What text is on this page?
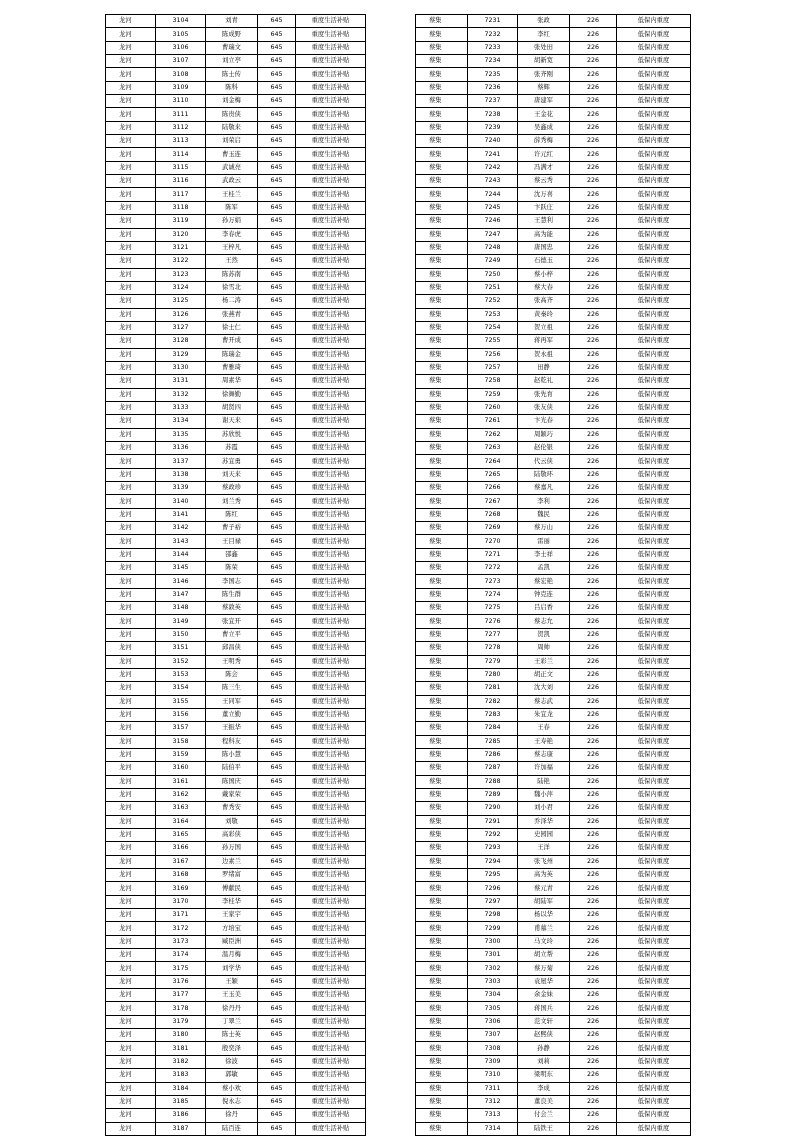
龙河	3104	刘青	645	重度生活补贴
龙河	3105	陈成野	645	重度生活补贴
龙河	3106	曹瑞文	645	重度生活补贴
龙河	3107	刘立亭	645	重度生活补贴
龙河	3108	陈士传	645	重度生活补贴
龙河	3109	陈科	645	重度生活补贴
龙河	3110	刘金梅	645	重度生活补贴
龙河	3111	陈贵侠	645	重度生活补贴
龙河	3112	陆敬来	645	重度生活补贴
龙河	3113	刘荣启	645	重度生活补贴
龙河	3114	曹玉连	645	重度生活补贴
龙河	3115	武诚亮	645	重度生活补贴
龙河	3116	武政云	645	重度生活补贴
龙河	3117	王桂兰	645	重度生活补贴
龙河	3118	陈军	645	重度生活补贴
龙河	3119	孙万娟	645	重度生活补贴
龙河	3120	李春虎	645	重度生活补贴
龙河	3121	王梓凡	645	重度生活补贴
龙河	3122	王然	645	重度生活补贴
龙河	3123	陈苏南	645	重度生活补贴
龙河	3124	徐雪北	645	重度生活补贴
龙河	3125	杨二涛	645	重度生活补贴
龙河	3126	张燕青	645	重度生活补贴
龙河	3127	徐士仁	645	重度生活补贴
龙河	3128	曹开成	645	重度生活补贴
龙河	3129	陈瑞金	645	重度生活补贴
龙河	3130	曹雅琦	645	重度生活补贴
龙河	3131	周素华	645	重度生活补贴
龙河	3132	徐舞勤	645	重度生活补贴
龙河	3133	胡贤四	645	重度生活补贴
龙河	3134	谢天来	645	重度生活补贴
龙河	3135	苏欣悦	645	重度生活补贴
龙河	3136	苏霞	645	重度生活补贴
龙河	3137	苏宜勇	645	重度生活补贴
龙河	3138	刘天来	645	重度生活补贴
龙河	3139	蔡政珍	645	重度生活补贴
龙河	3140	刘兰秀	645	重度生活补贴
龙河	3141	陈红	645	重度生活补贴
龙河	3142	曹子裕	645	重度生活补贴
龙河	3143	王目禄	645	重度生活补贴
龙河	3144	邵鑫	645	重度生活补贴
龙河	3145	陈荣	645	重度生活补贴
龙河	3146	李国志	645	重度生活补贴
龙河	3147	陈生群	645	重度生活补贴
龙河	3148	蔡敦英	645	重度生活补贴
龙河	3149	张宜开	645	重度生活补贴
龙河	3150	曹立平	645	重度生活补贴
龙河	3151	邱昌侠	645	重度生活补贴
龙河	3152	王明秀	645	重度生活补贴
龙河	3153	陈会	645	重度生活补贴
龙河	3154	陈三生	645	重度生活补贴
龙河	3155	王同军	645	重度生活补贴
龙河	3156	董立勤	645	重度生活补贴
龙河	3157	王振华	645	重度生活补贴
龙河	3158	程科友	645	重度生活补贴
龙河	3159	陈小慧	645	重度生活补贴
龙河	3160	陆伯平	645	重度生活补贴
龙河	3161	陈国庆	645	重度生活补贴
龙河	3162	戴家荣	645	重度生活补贴
龙河	3163	曹秀安	645	重度生活补贴
龙河	3164	刘敬	645	重度生活补贴
龙河	3165	高彩侠	645	重度生活补贴
龙河	3166	孙万国	645	重度生活补贴
龙河	3167	边素兰	645	重度生活补贴
龙河	3168	罗绪富	645	重度生活补贴
龙河	3169	傅献民	645	重度生活补贴
龙河	3170	李桂华	645	重度生活补贴
龙河	3171	王家宇	645	重度生活补贴
龙河	3172	方培宝	645	重度生活补贴
龙河	3173	臧臣洲	645	重度生活补贴
龙河	3174	温月梅	645	重度生活补贴
龙河	3175	刘学华	645	重度生活补贴
龙河	3176	王颖	645	重度生活补贴
龙河	3177	王玉美	645	重度生活补贴
龙河	3178	徐丹丹	645	重度生活补贴
龙河	3179	丁翠兰	645	重度生活补贴
龙河	3180	陈士英	645	重度生活补贴
龙河	3181	殷奕泽	645	重度生活补贴
龙河	3182	徐波	645	重度生活补贴
龙河	3183	郭敏	645	重度生活补贴
龙河	3184	蔡小欢	645	重度生活补贴
龙河	3185	倪永志	645	重度生活补贴
龙河	3186	徐丹	645	重度生活补贴
龙河	3187	陆百连	645	重度生活补贴
蔡集	7231	张政	226	低保内重度
蔡集	7232	李红	226	低保内重度
蔡集	7233	张处田	226	低保内重度
蔡集	7234	胡新宽	226	低保内重度
蔡集	7235	张齐刚	226	低保内重度
蔡集	7236	蔡辉	226	低保内重度
蔡集	7237	唐建军	226	低保内重度
蔡集	7238	王金花	226	低保内重度
蔡集	7239	吴鑫成	226	低保内重度
蔡集	7240	薛秀梅	226	低保内重度
蔡集	7241	许元红	226	低保内重度
蔡集	7242	冯满才	226	低保内重度
蔡集	7243	蔡云秀	226	低保内重度
蔡集	7244	沈万喜	226	低保内重度
蔡集	7245	卞跃庄	226	低保内重度
蔡集	7246	王慧利	226	低保内重度
蔡集	7247	高为能	226	低保内重度
蔡集	7248	唐国忠	226	低保内重度
蔡集	7249	石德玉	226	低保内重度
蔡集	7250	蔡小梓	226	低保内重度
蔡集	7251	蔡大春	226	低保内重度
蔡集	7252	张高齐	226	低保内重度
蔡集	7253	黄秦玲	226	低保内重度
蔡集	7254	贺立祖	226	低保内重度
蔡集	7255	蒋再军	226	低保内重度
蔡集	7256	贺永祖	226	低保内重度
蔡集	7257	田静	226	低保内重度
蔡集	7258	赵乾礼	226	低保内重度
蔡集	7259	张先育	226	低保内重度
蔡集	7260	张友侠	226	低保内重度
蔡集	7261	卞光春	226	低保内重度
蔡集	7262	周颖巧	226	低保内重度
蔡集	7263	赵伦银	226	低保内重度
蔡集	7264	代云侠	226	低保内重度
蔡集	7265	陆敬环	226	低保内重度
蔡集	7266	蔡嘉凡	226	低保内重度
蔡集	7267	李利	226	低保内重度
蔡集	7268	魏民	226	低保内重度
蔡集	7269	蔡万山	226	低保内重度
蔡集	7270	雷丽	226	低保内重度
蔡集	7271	李士祥	226	低保内重度
蔡集	7272	孟凯	226	低保内重度
蔡集	7273	蔡宏艳	226	低保内重度
蔡集	7274	钟克连	226	低保内重度
蔡集	7275	吕启香	226	低保内重度
蔡集	7276	蔡志允	226	低保内重度
蔡集	7277	贺凯	226	低保内重度
蔡集	7278	周帅	226	低保内重度
蔡集	7279	王彩兰	226	低保内重度
蔡集	7280	胡正文	226	低保内重度
蔡集	7281	沈大刘	226	低保内重度
蔡集	7282	蔡志武	226	低保内重度
蔡集	7283	朱宜龙	226	低保内重度
蔡集	7284	王春	226	低保内重度
蔡集	7285	王寿艳	226	低保内重度
蔡集	7286	蔡志康	226	低保内重度
蔡集	7287	许加福	226	低保内重度
蔡集	7288	陆艳	226	低保内重度
蔡集	7289	魏小萍	226	低保内重度
蔡集	7290	刘小君	226	低保内重度
蔡集	7291	乔泽华	226	低保内重度
蔡集	7292	史园园	226	低保内重度
蔡集	7293	王洋	226	低保内重度
蔡集	7294	张飞州	226	低保内重度
蔡集	7295	高为英	226	低保内重度
蔡集	7296	蔡元青	226	低保内重度
蔡集	7297	胡陆军	226	低保内重度
蔡集	7298	杨以华	226	低保内重度
蔡集	7299	甫慕兰	226	低保内重度
蔡集	7300	马文玲	226	低保内重度
蔡集	7301	胡立帮	226	低保内重度
蔡集	7302	蔡万菊	226	低保内重度
蔡集	7303	袁屋华	226	低保内重度
蔡集	7304	余金妹	226	低保内重度
蔡集	7305	蒋国兵	226	低保内重度
蔡集	7306	范文轩	226	低保内重度
蔡集	7307	赵熙侠	226	低保内重度
蔡集	7308	孙静	226	低保内重度
蔡集	7309	刘莉	226	低保内重度
蔡集	7310	梁明东	226	低保内重度
蔡集	7311	李成	226	低保内重度
蔡集	7312	董良美	226	低保内重度
蔡集	7313	付会兰	226	低保内重度
蔡集	7314	陆铁王	226	低保内重度
